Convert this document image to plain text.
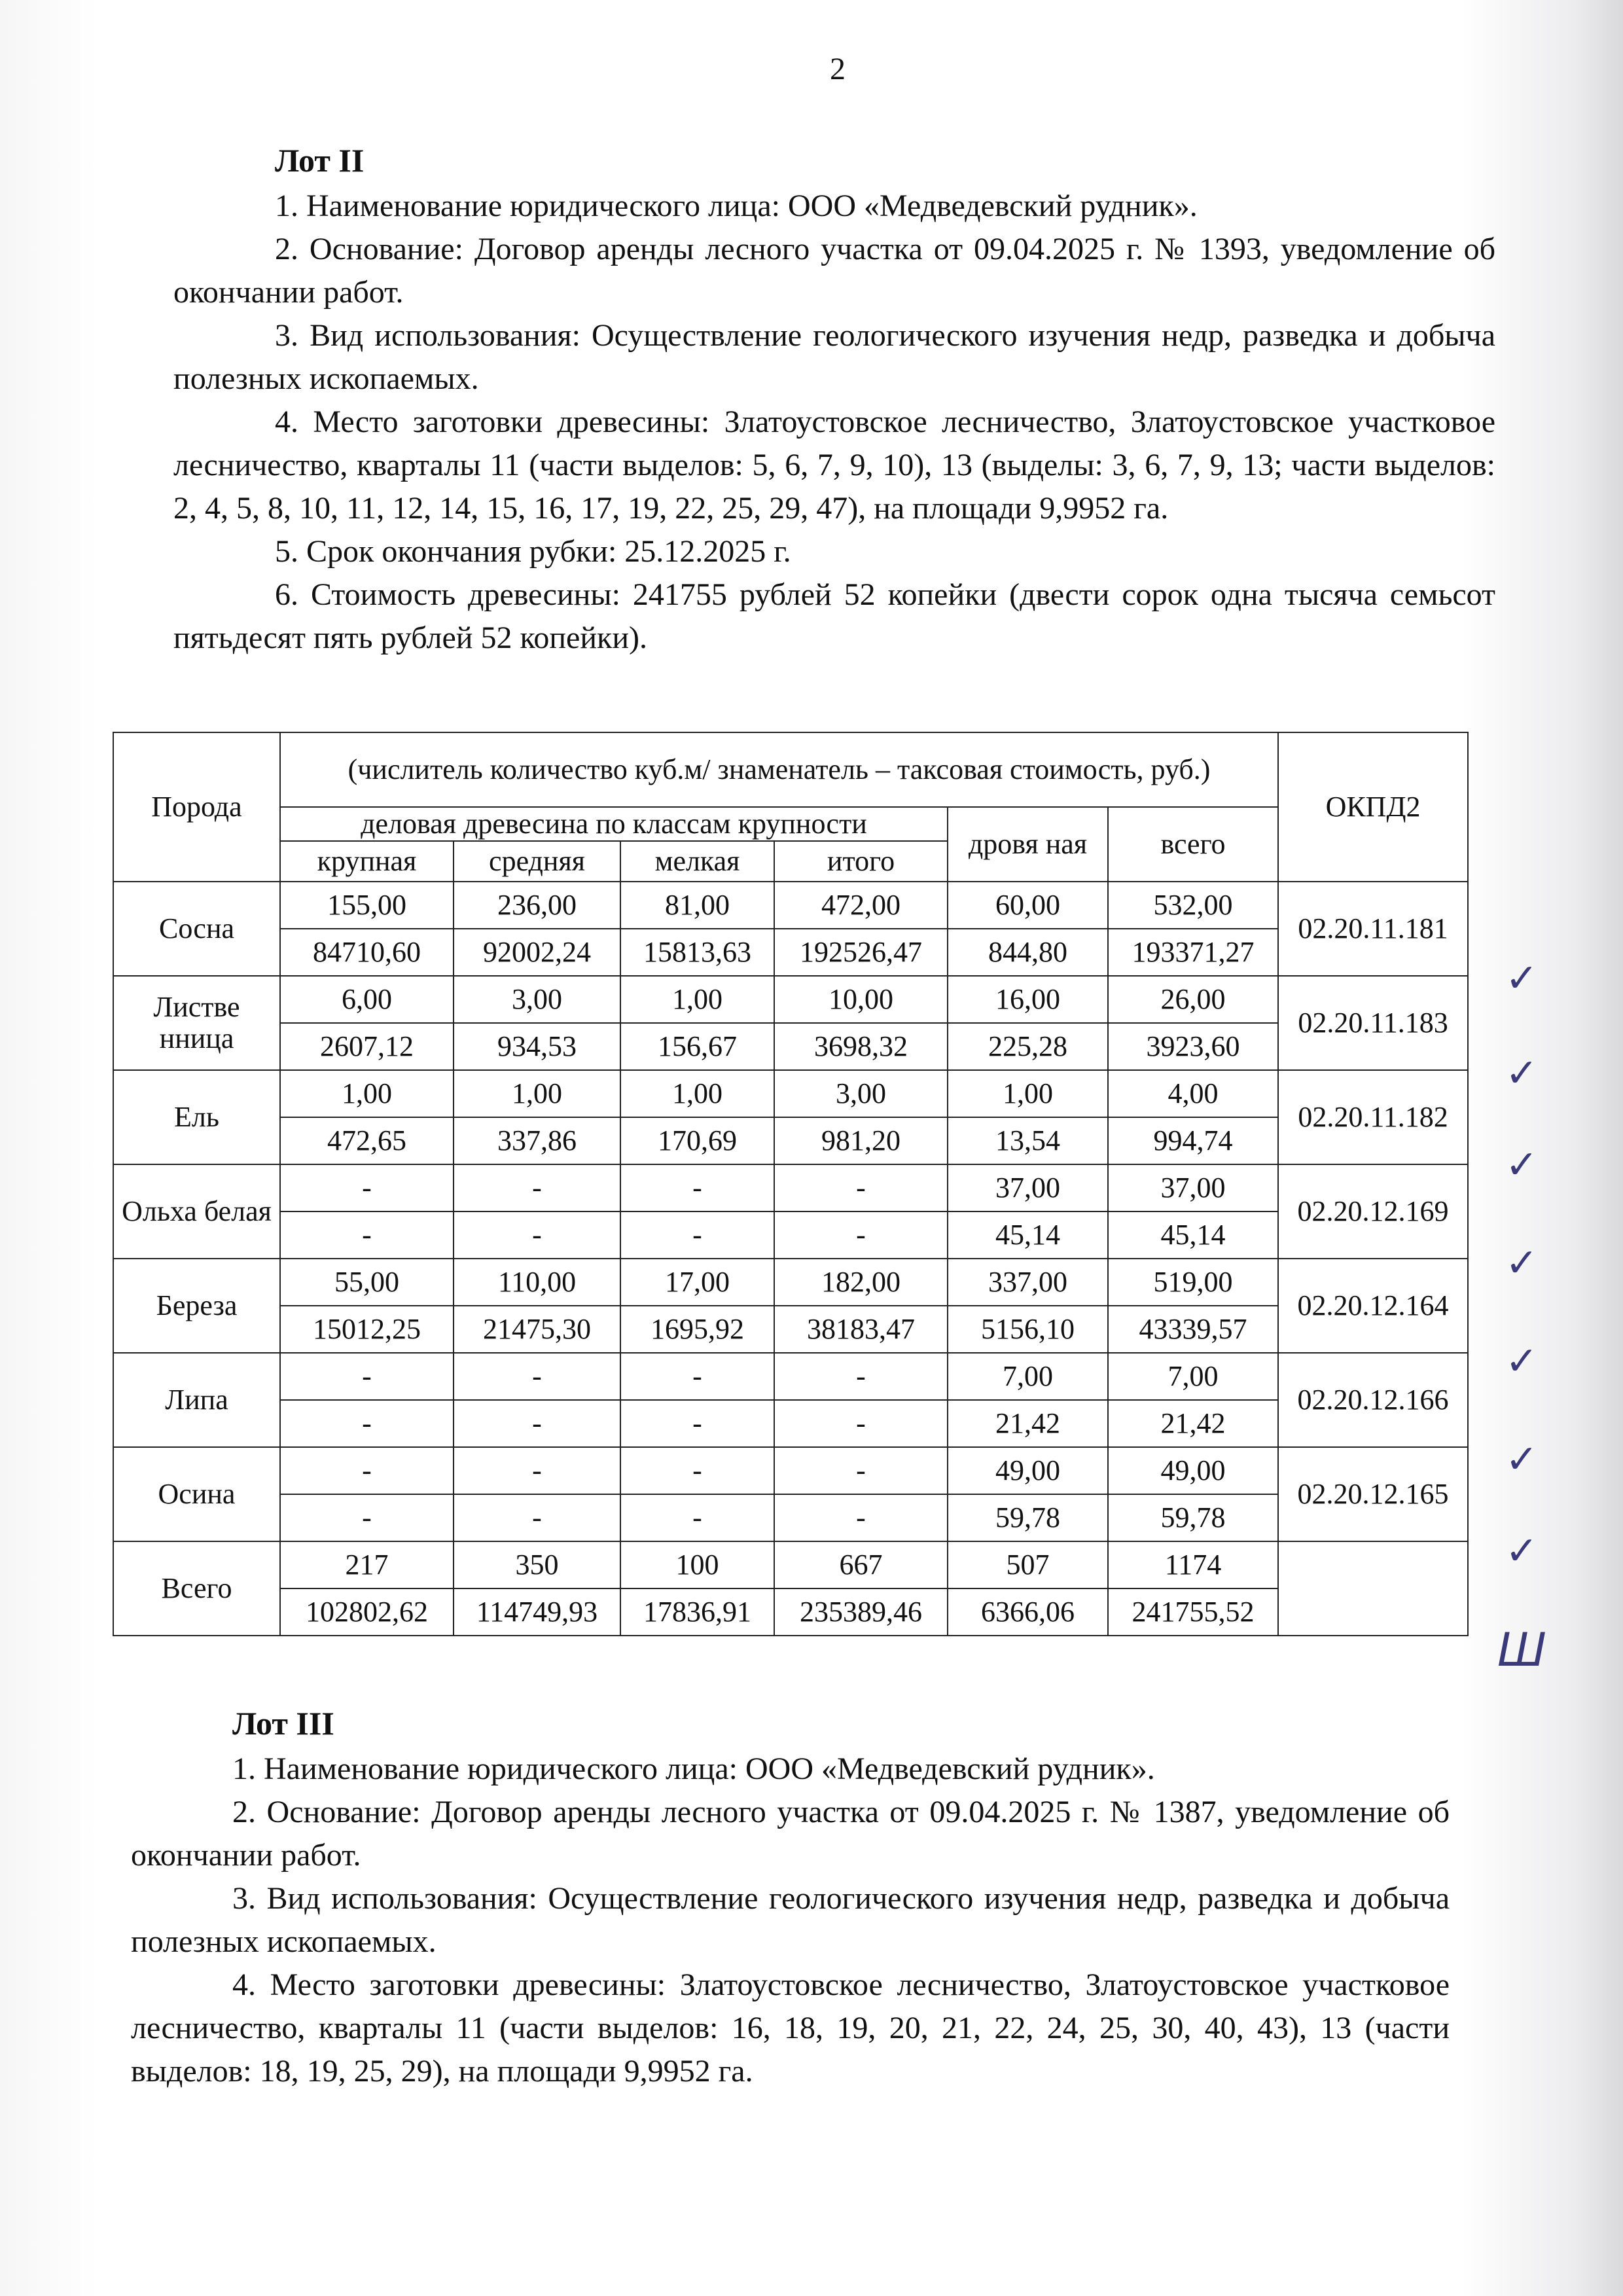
2
Лот II

1. Наименование юридического лица: ООО «Медведевский рудник».

2. Основание: Договор аренды лесного участка от 09.04.2025 г. № 1393, уведомление об окончании работ.

3. Вид использования: Осуществление геологического изучения недр, разведка и добыча полезных ископаемых.

4. Место заготовки древесины: Златоустовское лесничество, Златоустовское участковое лесничество, кварталы 11 (части выделов: 5, 6, 7, 9, 10), 13 (выделы: 3, 6, 7, 9, 13; части выделов: 2, 4, 5, 8, 10, 11, 12, 14, 15, 16, 17, 19, 22, 25, 29, 47), на площади 9,9952 га.

5. Срок окончания рубки: 25.12.2025 г.

6. Стоимость древесины: 241755 рублей 52 копейки (двести сорок одна тысяча семьсот пятьдесят пять рублей 52 копейки).

Порода	(числитель количество куб.м/ знаменатель – таксовая стоимость, руб.)						ОКПД2
	деловая древесина по классам крупности				дровя ная	всего	
	крупная	средняя	мелкая	итого			
Сосна	155,00	236,00	81,00	472,00	60,00	532,00	02.20.11.181
	84710,60	92002,24	15813,63	192526,47	844,80	193371,27	
Листве нница	6,00	3,00	1,00	10,00	16,00	26,00	02.20.11.183
	2607,12	934,53	156,67	3698,32	225,28	3923,60	
Ель	1,00	1,00	1,00	3,00	1,00	4,00	02.20.11.182
	472,65	337,86	170,69	981,20	13,54	994,74	
Ольха белая	-	-	-	-	37,00	37,00	02.20.12.169
	-	-	-	-	45,14	45,14	
Береза	55,00	110,00	17,00	182,00	337,00	519,00	02.20.12.164
	15012,25	21475,30	1695,92	38183,47	5156,10	43339,57	
Липа	-	-	-	-	7,00	7,00	02.20.12.166
	-	-	-	-	21,42	21,42	
Осина	-	-	-	-	49,00	49,00	02.20.12.165
	-	-	-	-	59,78	59,78	
Всего	217	350	100	667	507	1174	
	102802,62	114749,93	17836,91	235389,46	6366,06	241755,52	
Лот III

1. Наименование юридического лица: ООО «Медведевский рудник».

2. Основание: Договор аренды лесного участка от 09.04.2025 г. № 1387, уведомление об окончании работ.

3. Вид использования: Осуществление геологического изучения недр, разведка и добыча полезных ископаемых.

4. Место заготовки древесины: Златоустовское лесничество, Златоустовское участковое лесничество, кварталы 11 (части выделов: 16, 18, 19, 20, 21, 22, 24, 25, 30, 40, 43), 13 (части выделов: 18, 19, 25, 29), на площади 9,9952 га.

✓
✓
✓
✓
✓
✓
✓
Ш
